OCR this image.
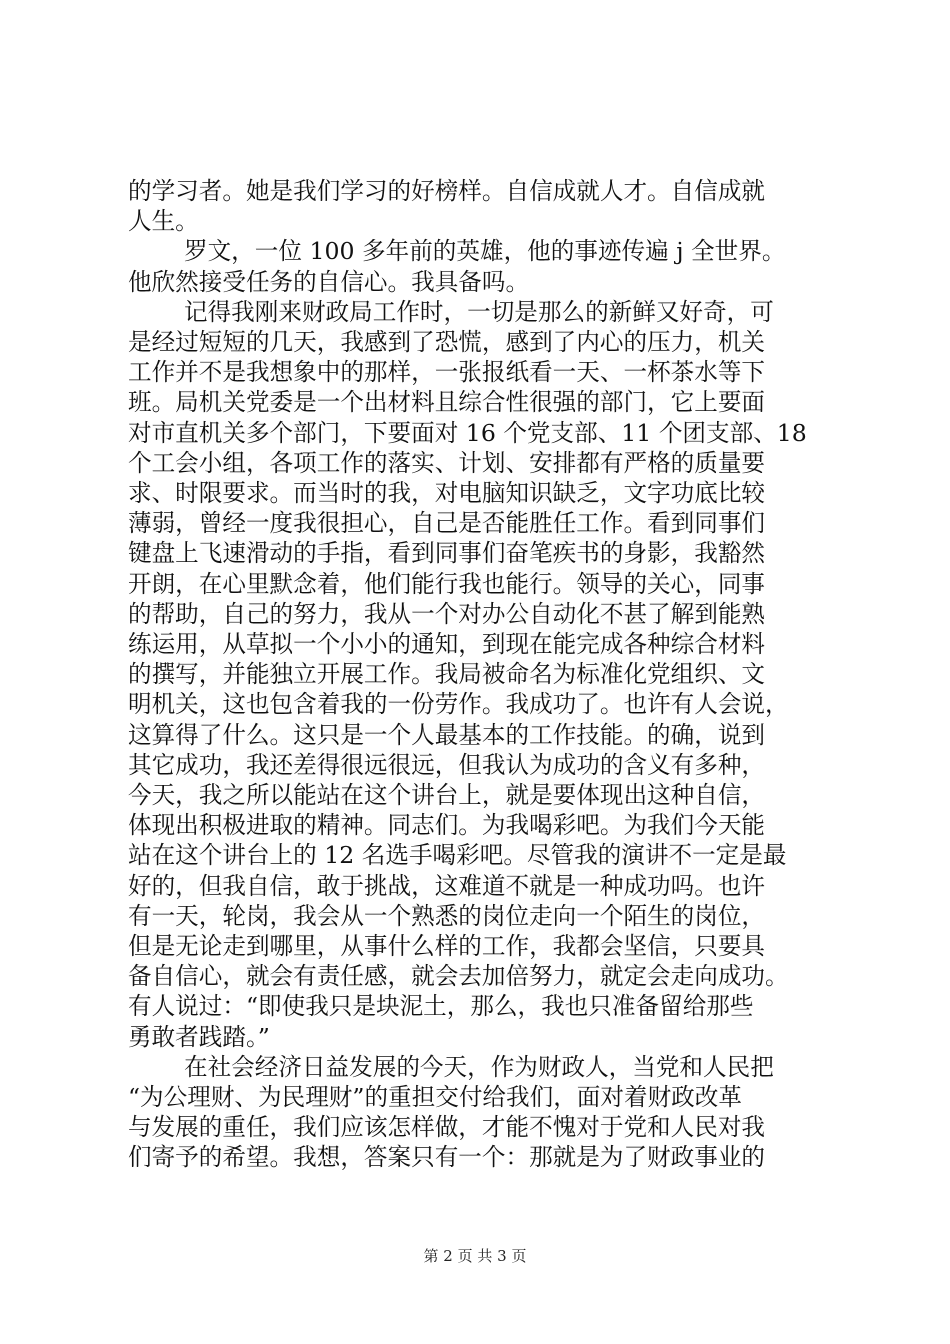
的学习者。她是我们学习的好榜样。自信成就人才。自信成就
人生。
罗文，一位 100 多年前的英雄，他的事迹传遍 j 全世界。
他欣然接受任务的自信心。我具备吗。
记得我刚来财政局工作时，一切是那么的新鲜又好奇，可
是经过短短的几天，我感到了恐慌，感到了内心的压力，机关
工作并不是我想象中的那样，一张报纸看一天、一杯茶水等下
班。局机关党委是一个出材料且综合性很强的部门，它上要面
对市直机关多个部门，下要面对 16 个党支部、11 个团支部、18
个工会小组，各项工作的落实、计划、安排都有严格的质量要
求、时限要求。而当时的我，对电脑知识缺乏，文字功底比较
薄弱，曾经一度我很担心，自己是否能胜任工作。看到同事们
键盘上飞速滑动的手指，看到同事们奋笔疾书的身影，我豁然
开朗，在心里默念着，他们能行我也能行。领导的关心，同事
的帮助，自己的努力，我从一个对办公自动化不甚了解到能熟
练运用，从草拟一个小小的通知，到现在能完成各种综合材料
的撰写，并能独立开展工作。我局被命名为标准化党组织、文
明机关，这也包含着我的一份劳作。我成功了。也许有人会说，
这算得了什么。这只是一个人最基本的工作技能。的确，说到
其它成功，我还差得很远很远，但我认为成功的含义有多种，
今天，我之所以能站在这个讲台上，就是要体现出这种自信，
体现出积极进取的精神。同志们。为我喝彩吧。为我们今天能
站在这个讲台上的 12 名选手喝彩吧。尽管我的演讲不一定是最
好的，但我自信，敢于挑战，这难道不就是一种成功吗。也许
有一天，轮岗，我会从一个熟悉的岗位走向一个陌生的岗位，
但是无论走到哪里，从事什么样的工作，我都会坚信，只要具
备自信心，就会有责任感，就会去加倍努力，就定会走向成功。
有人说过：“即使我只是块泥土，那么，我也只准备留给那些
勇敢者践踏。”
在社会经济日益发展的今天，作为财政人，当党和人民把
“为公理财、为民理财”的重担交付给我们，面对着财政改革
与发展的重任，我们应该怎样做，才能不愧对于党和人民对我
们寄予的希望。我想，答案只有一个：那就是为了财政事业的
第 2 页 共 3 页
